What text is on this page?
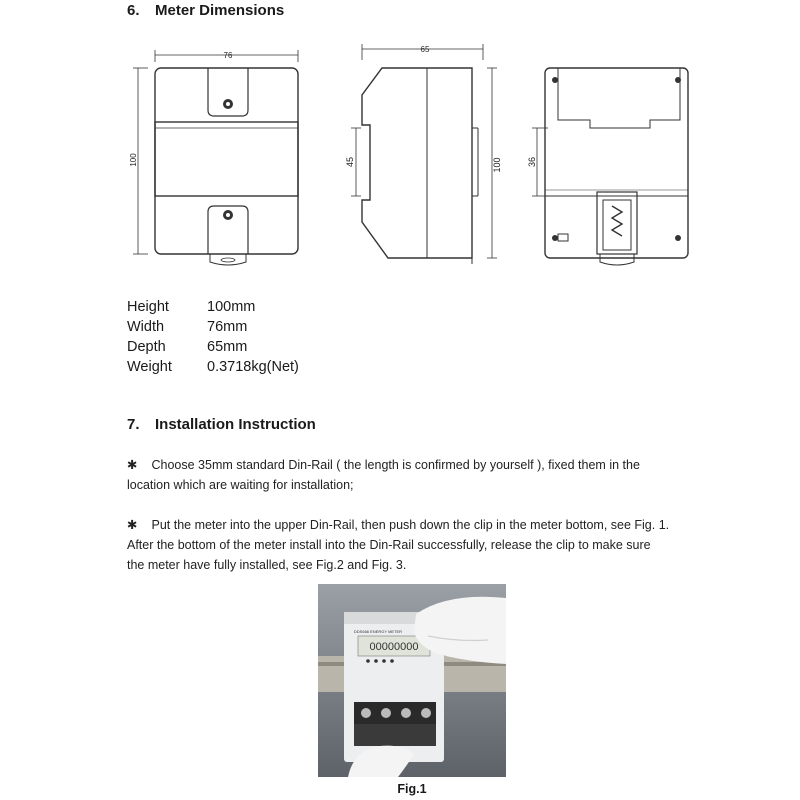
6. Meter Dimensions
76
100
65
45	100	36
Height	100mm
Width	76mm
Depth	65mm
Weight	0.3718kg(Net)
7. Installation Instruction
✱ Choose 35mm standard Din-Rail ( the length is confirmed by yourself ), fixed them in the
location which are waiting for installation;
✱ Put the meter into the upper Din-Rail, then push down the clip in the meter bottom, see Fig. 1.
After the bottom of the meter install into the Din-Rail successfully, release the clip to make sure
the meter have fully installed, see Fig.2 and Fig. 3.
DDS666 ENERGY METER
00000000
Fig.1
